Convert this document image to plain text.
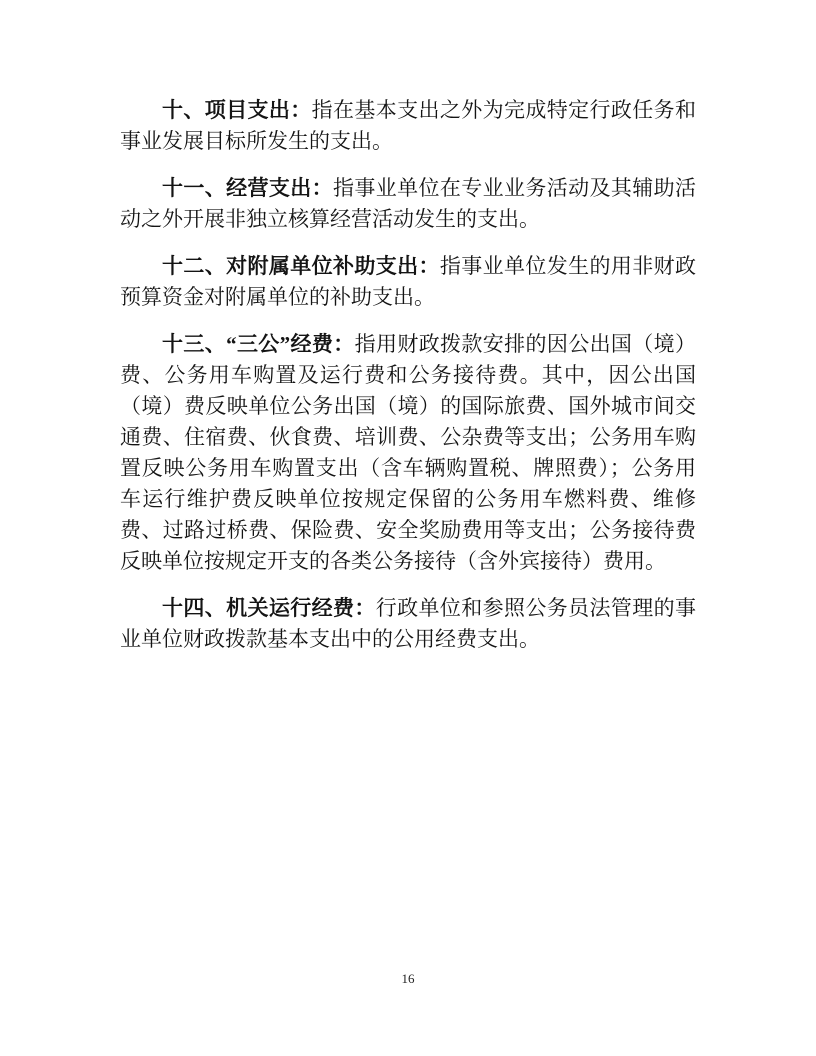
十、项目支出：指在基本支出之外为完成特定行政任务和事业发展目标所发生的支出。

十一、经营支出：指事业单位在专业业务活动及其辅助活动之外开展非独立核算经营活动发生的支出。

十二、对附属单位补助支出：指事业单位发生的用非财政预算资金对附属单位的补助支出。

十三、“三公”经费：指用财政拨款安排的因公出国（境）费、公务用车购置及运行费和公务接待费。其中，因公出国（境）费反映单位公务出国（境）的国际旅费、国外城市间交通费、住宿费、伙食费、培训费、公杂费等支出；公务用车购置反映公务用车购置支出（含车辆购置税、牌照费）；公务用车运行维护费反映单位按规定保留的公务用车燃料费、维修费、过路过桥费、保险费、安全奖励费用等支出；公务接待费反映单位按规定开支的各类公务接待（含外宾接待）费用。

十四、机关运行经费：行政单位和参照公务员法管理的事业单位财政拨款基本支出中的公用经费支出。

16
